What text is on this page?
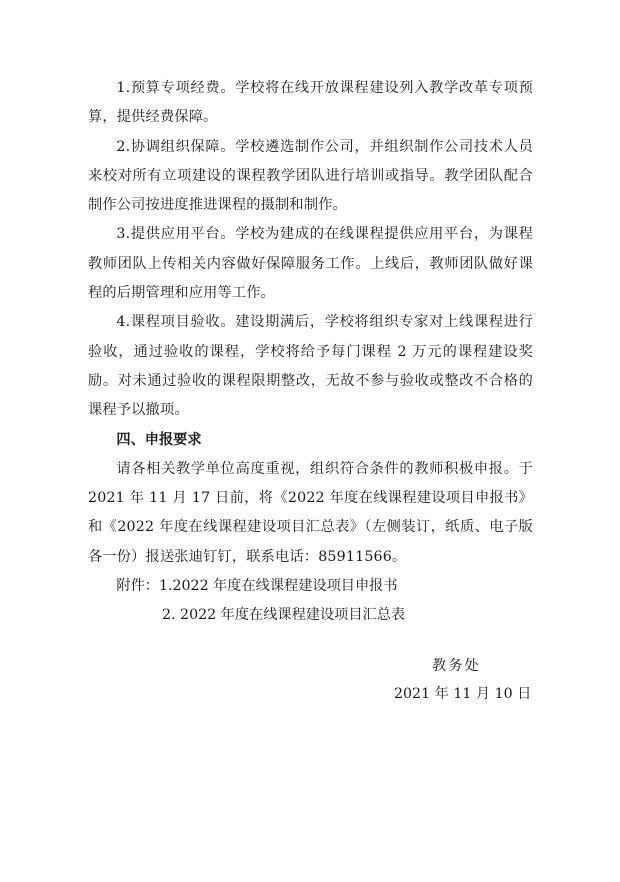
1.预算专项经费。学校将在线开放课程建设列入教学改革专项预算，提供经费保障。

2.协调组织保障。学校遴选制作公司，并组织制作公司技术人员来校对所有立项建设的课程教学团队进行培训或指导。教学团队配合制作公司按进度推进课程的摄制和制作。

3.提供应用平台。学校为建成的在线课程提供应用平台，为课程教师团队上传相关内容做好保障服务工作。上线后，教师团队做好课程的后期管理和应用等工作。

4.课程项目验收。建设期满后，学校将组织专家对上线课程进行验收，通过验收的课程，学校将给予每门课程 2 万元的课程建设奖励。对未通过验收的课程限期整改，无故不参与验收或整改不合格的课程予以撤项。

四、申报要求

请各相关教学单位高度重视，组织符合条件的教师积极申报。于 2021 年 11 月 17 日前，将《2022 年度在线课程建设项目申报书》和《2022 年度在线课程建设项目汇总表》（左侧装订，纸质、电子版各一份）报送张迪钉钉，联系电话：85911566。

附件：1.2022 年度在线课程建设项目申报书

2. 2022 年度在线课程建设项目汇总表

教务处

2021 年 11 月 10 日
